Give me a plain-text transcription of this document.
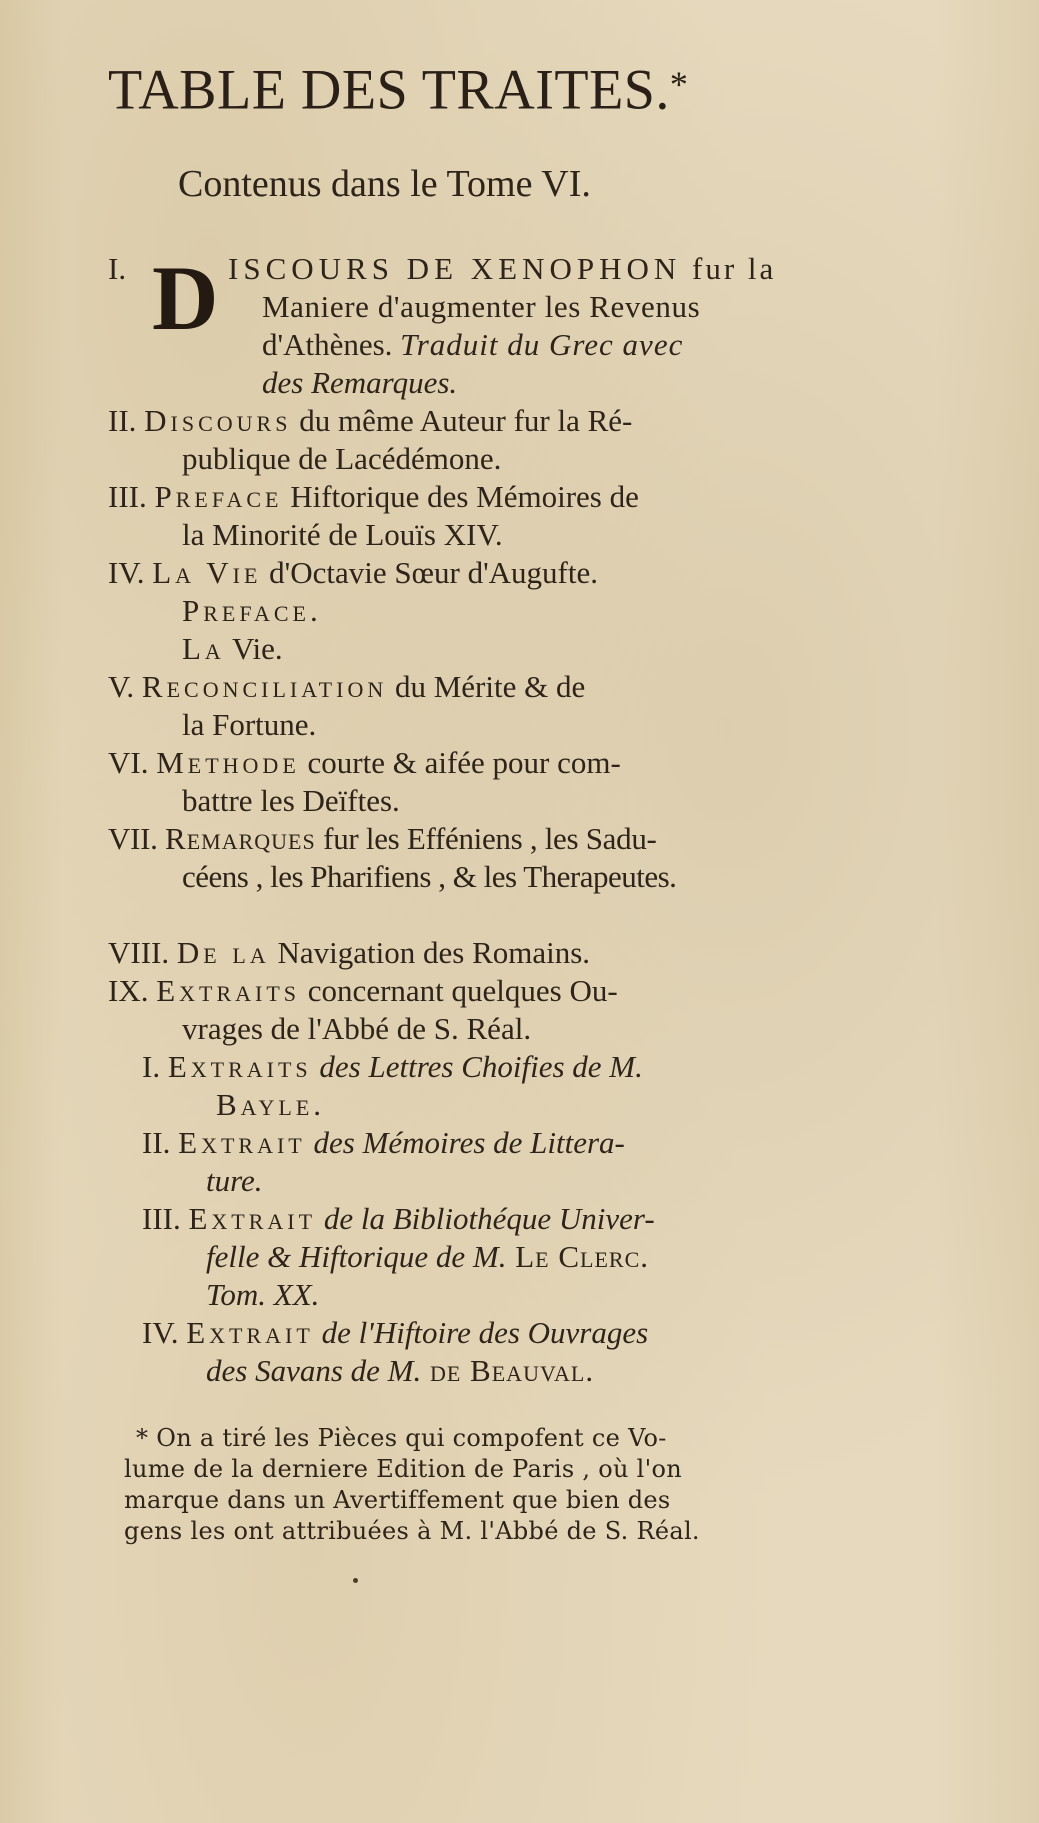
TABLE DES TRAITES.*
Contenus dans le Tome VI.
I. D ISCOURS DE XENOPHON fur la
Maniere d'augmenter les Revenus
d'Athènes. Traduit du Grec avec
des Remarques.
II. Discours du même Auteur fur la Ré-
publique de Lacédémone.
III. Preface Hiftorique des Mémoires de
la Minorité de Louïs XIV.
IV. La Vie d'Octavie Sœur d'Augufte.
Preface.
La Vie.
V. Reconciliation du Mérite & de
la Fortune.
VI. Methode courte & aifée pour com-
battre les Deïftes.
VII. Remarques fur les Efféniens , les Sadu-
céens , les Pharifiens , & les Therapeutes.
VIII. De la Navigation des Romains.
IX. Extraits concernant quelques Ou-
vrages de l'Abbé de S. Réal.
I. Extraits des Lettres Choifies de M.
Bayle.
II. Extrait des Mémoires de Littera-
ture.
III. Extrait de la Bibliothéque Univer-
felle & Hiftorique de M. Le Clerc.
Tom. XX.
IV. Extrait de l'Hiftoire des Ouvrages
des Savans de M. de Beauval.
* On a tiré les Pièces qui compofent ce Vo-
lume de la derniere Edition de Paris , où l'on
marque dans un Avertiffement que bien des
gens les ont attribuées à M. l'Abbé de S. Réal.
